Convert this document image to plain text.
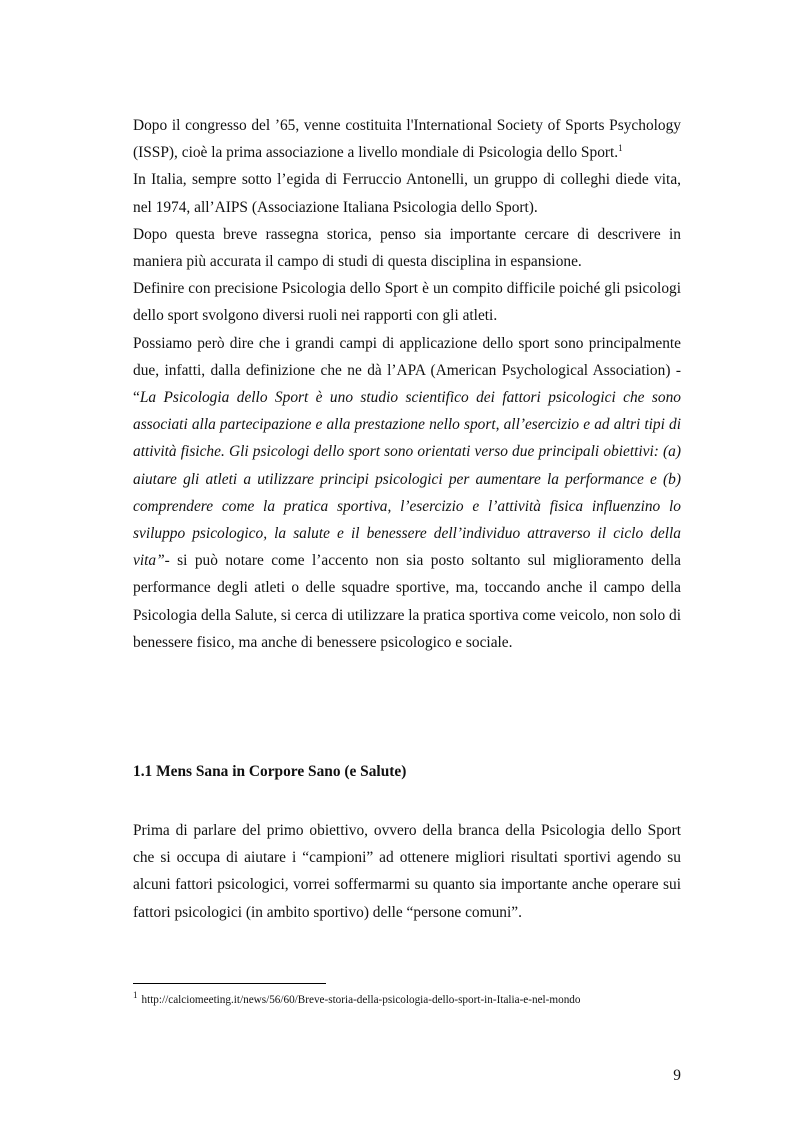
Dopo il congresso del ’65, venne costituita l'International Society of Sports Psychology (ISSP), cioè la prima associazione a livello mondiale di Psicologia dello Sport.$^1$

In Italia, sempre sotto l’egida di Ferruccio Antonelli, un gruppo di colleghi diede vita, nel 1974, all’AIPS (Associazione Italiana Psicologia dello Sport).

Dopo questa breve rassegna storica, penso sia importante cercare di descrivere in maniera più accurata il campo di studi di questa disciplina in espansione.

Definire con precisione Psicologia dello Sport è un compito difficile poiché gli psicologi dello sport svolgono diversi ruoli nei rapporti con gli atleti.

Possiamo però dire che i grandi campi di applicazione dello sport sono principalmente due, infatti, dalla definizione che ne dà l’APA (American Psychological Association) - “La Psicologia dello Sport è uno studio scientifico dei fattori psicologici che sono associati alla partecipazione e alla prestazione nello sport, all’esercizio e ad altri tipi di attività fisiche. Gli psicologi dello sport sono orientati verso due principali obiettivi: (a) aiutare gli atleti a utilizzare principi psicologici per aumentare la performance e (b) comprendere come la pratica sportiva, l’esercizio e l’attività fisica influenzino lo sviluppo psicologico, la salute e il benessere dell’individuo attraverso il ciclo della vita”- si può notare come l’accento non sia posto soltanto sul miglioramento della performance degli atleti o delle squadre sportive, ma, toccando anche il campo della Psicologia della Salute, si cerca di utilizzare la pratica sportiva come veicolo, non solo di benessere fisico, ma anche di benessere psicologico e sociale.

1.1 Mens Sana in Corpore Sano (e Salute)

Prima di parlare del primo obiettivo, ovvero della branca della Psicologia dello Sport che si occupa di aiutare i “campioni” ad ottenere migliori risultati sportivi agendo su alcuni fattori psicologici, vorrei soffermarmi su quanto sia importante anche operare sui fattori psicologici (in ambito sportivo) delle “persone comuni”.

$^1$ http://calciomeeting.it/news/56/60/Breve-storia-della-psicologia-dello-sport-in-Italia-e-nel-mondo
9
